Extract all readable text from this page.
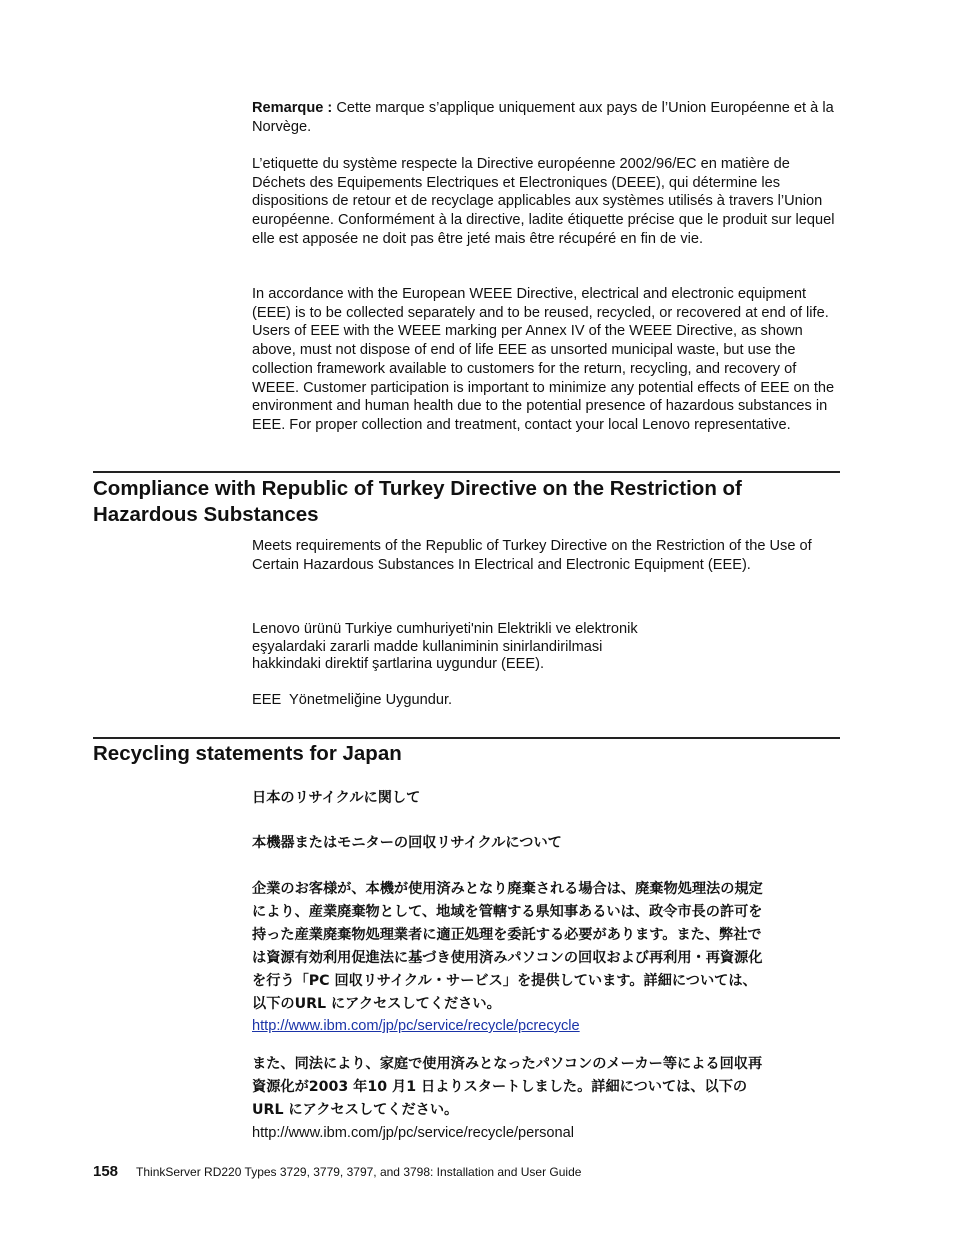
Remarque : Cette marque s’applique uniquement aux pays de l’Union Européenne et à la Norvège.

L’etiquette du système respecte la Directive européenne 2002/96/EC en matière de Déchets des Equipements Electriques et Electroniques (DEEE), qui détermine les dispositions de retour et de recyclage applicables aux systèmes utilisés à travers l’Union européenne. Conformément à la directive, ladite étiquette précise que le produit sur lequel elle est apposée ne doit pas être jeté mais être récupéré en fin de vie.

In accordance with the European WEEE Directive, electrical and electronic equipment (EEE) is to be collected separately and to be reused, recycled, or recovered at end of life. Users of EEE with the WEEE marking per Annex IV of the WEEE Directive, as shown above, must not dispose of end of life EEE as unsorted municipal waste, but use the collection framework available to customers for the return, recycling, and recovery of WEEE. Customer participation is important to minimize any potential effects of EEE on the environment and human health due to the potential presence of hazardous substances in EEE. For proper collection and treatment, contact your local Lenovo representative.

Compliance with Republic of Turkey Directive on the Restriction of Hazardous Substances

Meets requirements of the Republic of Turkey Directive on the Restriction of the Use of Certain Hazardous Substances In Electrical and Electronic Equipment (EEE).

Lenovo ürünü Turkiye cumhuriyeti'nin Elektrikli ve elektronik
eşyalardaki zararli madde kullaniminin sinirlandirilmasi
hakkindaki direktif şartlarina uygundur (EEE).
EEE  Yönetmeliğine Uygundur.
Recycling statements for Japan

日本のリサイクルに関して

本機器またはモニターの回収リサイクルについて

企業のお客様が、本機が使用済みとなり廃棄される場合は、廃棄物処理法の規定
により、産業廃棄物として、地域を管轄する県知事あるいは、政令市長の許可を
持った産業廃棄物処理業者に適正処理を委託する必要があります。また、弊社で
は資源有効利用促進法に基づき使用済みパソコンの回収および再利用・再資源化
を行う「PC 回収リサイクル・サービス」を提供しています。詳細については、
以下のURL にアクセスしてください。

http://www.ibm.com/jp/pc/service/recycle/pcrecycle

また、同法により、家庭で使用済みとなったパソコンのメーカー等による回収再
資源化が2003 年10 月1 日よりスタートしました。詳細については、以下の
URL にアクセスしてください。

http://www.ibm.com/jp/pc/service/recycle/personal

158 ThinkServer RD220 Types 3729, 3779, 3797, and 3798: Installation and User Guide
